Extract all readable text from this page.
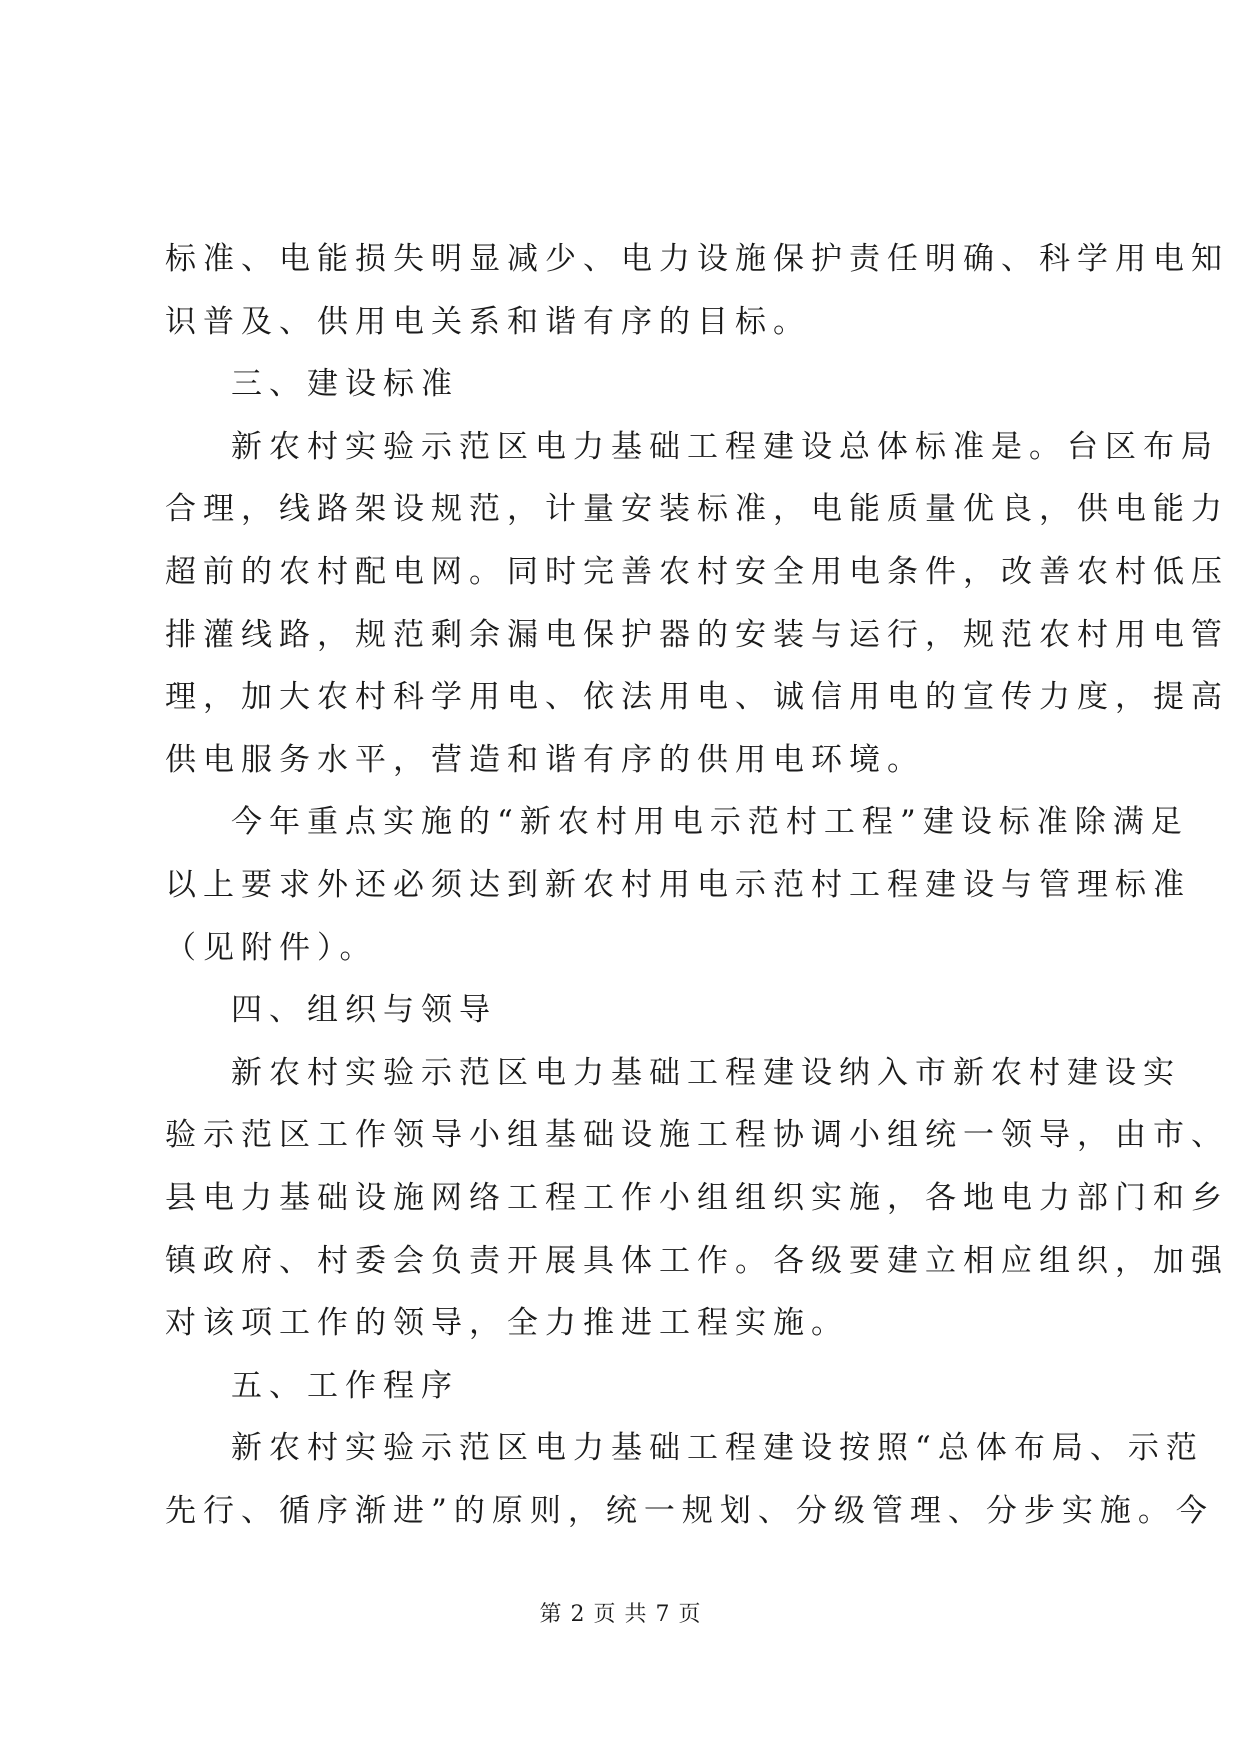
标准、电能损失明显减少、电力设施保护责任明确、科学用电知
识普及、供用电关系和谐有序的目标。
三、建设标准
新农村实验示范区电力基础工程建设总体标准是。台区布局
合理，线路架设规范，计量安装标准，电能质量优良，供电能力
超前的农村配电网。同时完善农村安全用电条件，改善农村低压
排灌线路，规范剩余漏电保护器的安装与运行，规范农村用电管
理，加大农村科学用电、依法用电、诚信用电的宣传力度，提高
供电服务水平，营造和谐有序的供用电环境。
今年重点实施的“新农村用电示范村工程”建设标准除满足
以上要求外还必须达到新农村用电示范村工程建设与管理标准
（见附件）。
四、组织与领导
新农村实验示范区电力基础工程建设纳入市新农村建设实
验示范区工作领导小组基础设施工程协调小组统一领导，由市、
县电力基础设施网络工程工作小组组织实施，各地电力部门和乡
镇政府、村委会负责开展具体工作。各级要建立相应组织，加强
对该项工作的领导，全力推进工程实施。
五、工作程序
新农村实验示范区电力基础工程建设按照“总体布局、示范
先行、循序渐进”的原则，统一规划、分级管理、分步实施。今
第 2 页 共 7 页
